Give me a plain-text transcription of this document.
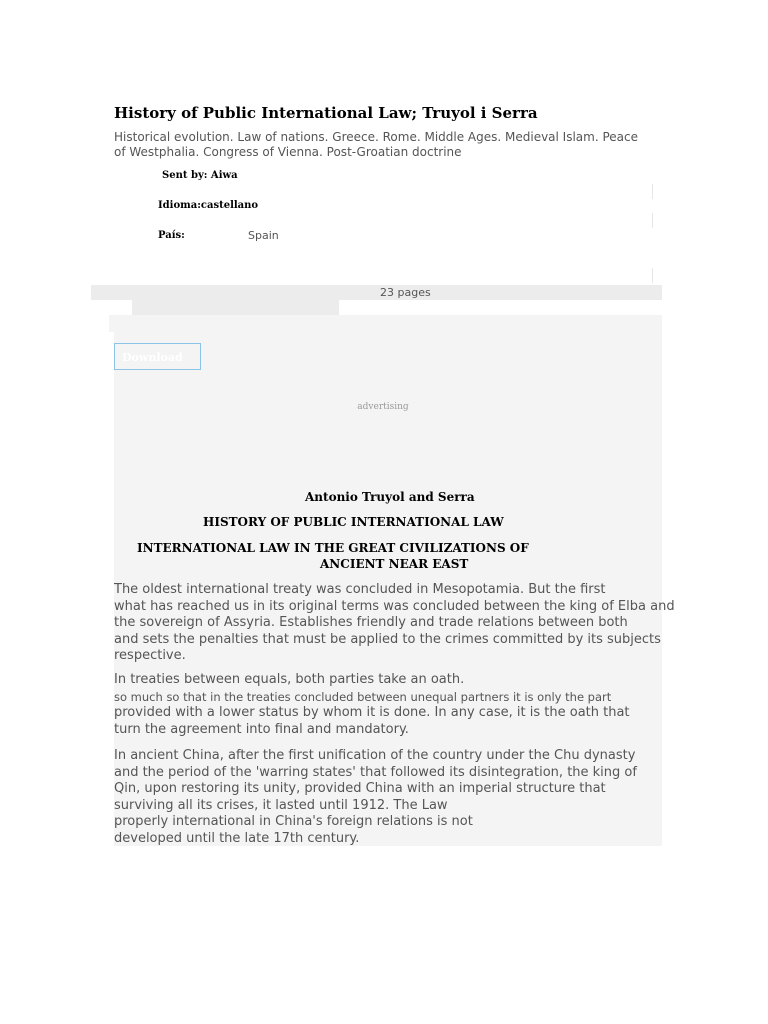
History of Public International Law; Truyol i Serra
Historical evolution. Law of nations. Greece. Rome. Middle Ages. Medieval Islam. Peace of Westphalia. Congress of Vienna. Post-Groatian doctrine
Sent by: Aiwa
Idioma:castellano
País:	Spain
23 pages
Download
advertising
Antonio Truyol and Serra
HISTORY OF PUBLIC INTERNATIONAL LAW
INTERNATIONAL LAW IN THE GREAT CIVILIZATIONS OF
ANCIENT NEAR EAST
The oldest international treaty was concluded in Mesopotamia. But the first
what has reached us in its original terms was concluded between the king of Elba and
the sovereign of Assyria. Establishes friendly and trade relations between both
and sets the penalties that must be applied to the crimes committed by its subjects
respective.
In treaties between equals, both parties take an oath.
so much so that in the treaties concluded between unequal partners it is only the part
provided with a lower status by whom it is done. In any case, it is the oath that
turn the agreement into final and mandatory.
In ancient China, after the first unification of the country under the Chu dynasty
and the period of the 'warring states' that followed its disintegration, the king of
Qin, upon restoring its unity, provided China with an imperial structure that
surviving all its crises, it lasted until 1912. The Law
properly international in China's foreign relations is not
developed until the late 17th century.
